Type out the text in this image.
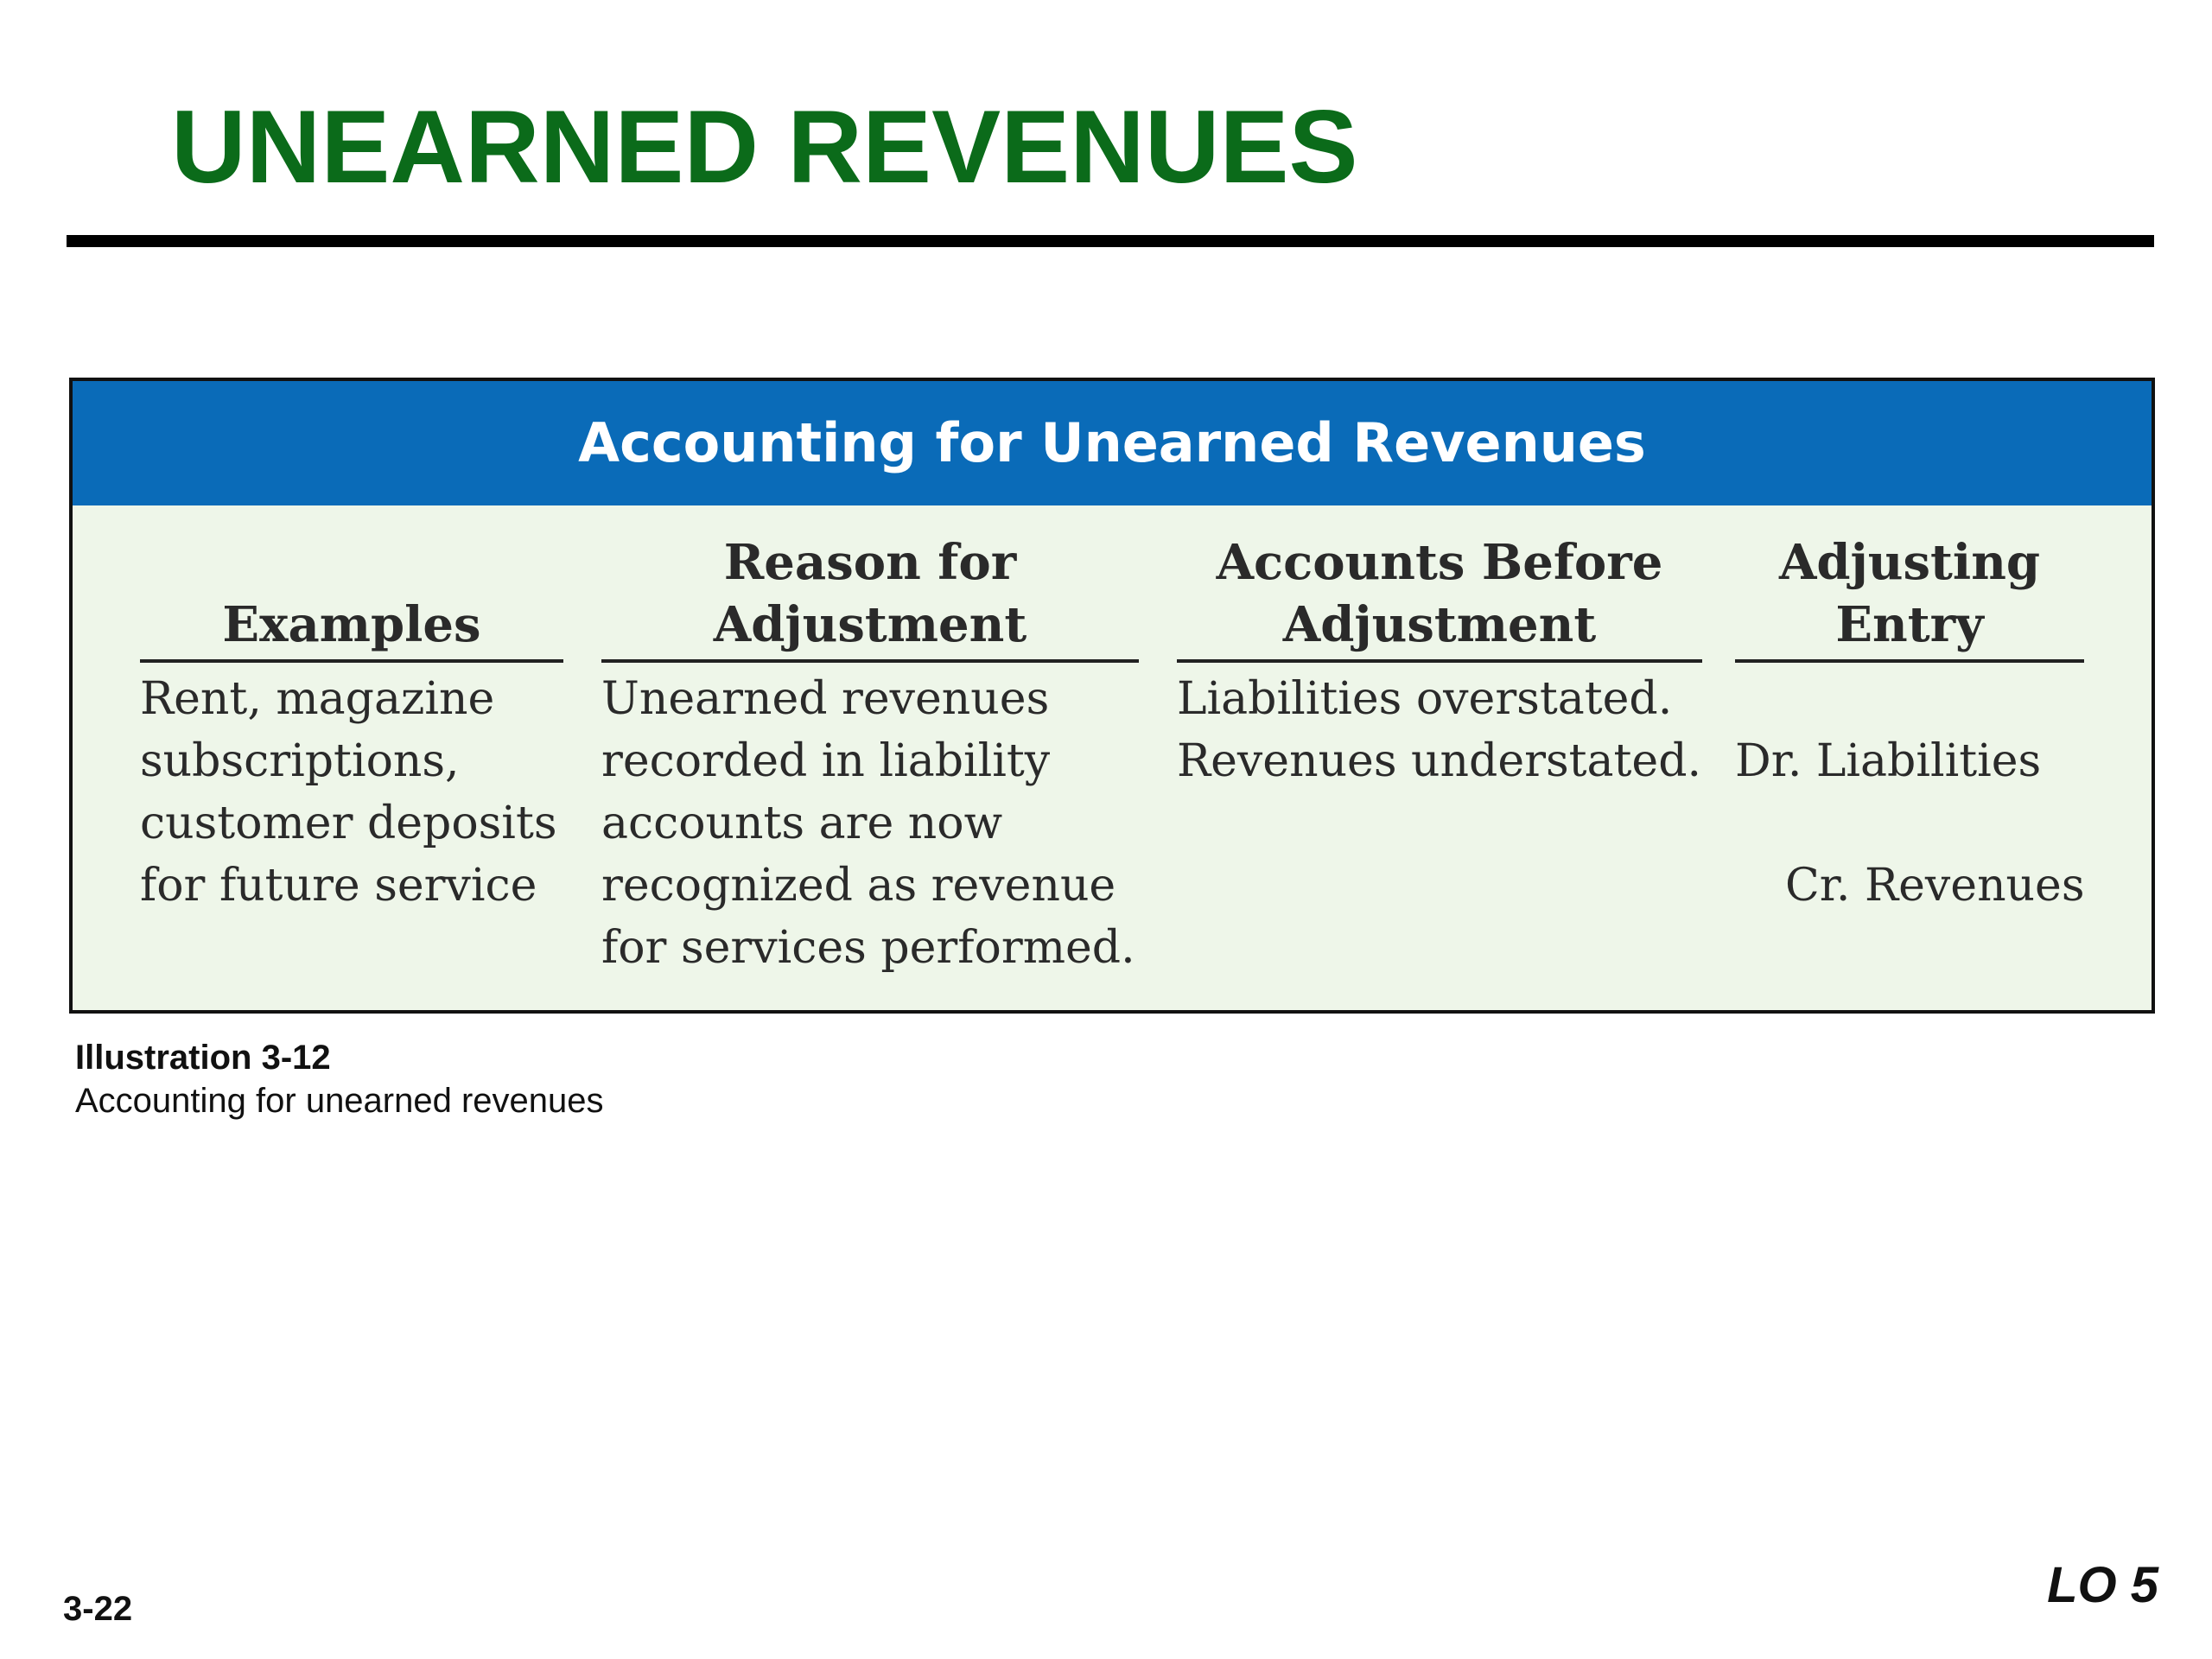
UNEARNED REVENUES
Accounting for Unearned Revenues
Examples
Rent, magazine
subscriptions,
customer deposits
for future service
Reason for
Adjustment
Unearned revenues
recorded in liability
accounts are now
recognized as revenue
for services performed.
Accounts Before
Adjustment
Liabilities overstated.
Revenues understated.
Adjusting
Entry

Dr. Liabilities

Cr. Revenues

Illustration 3-12
Accounting for unearned revenues
3-22	LO 5
